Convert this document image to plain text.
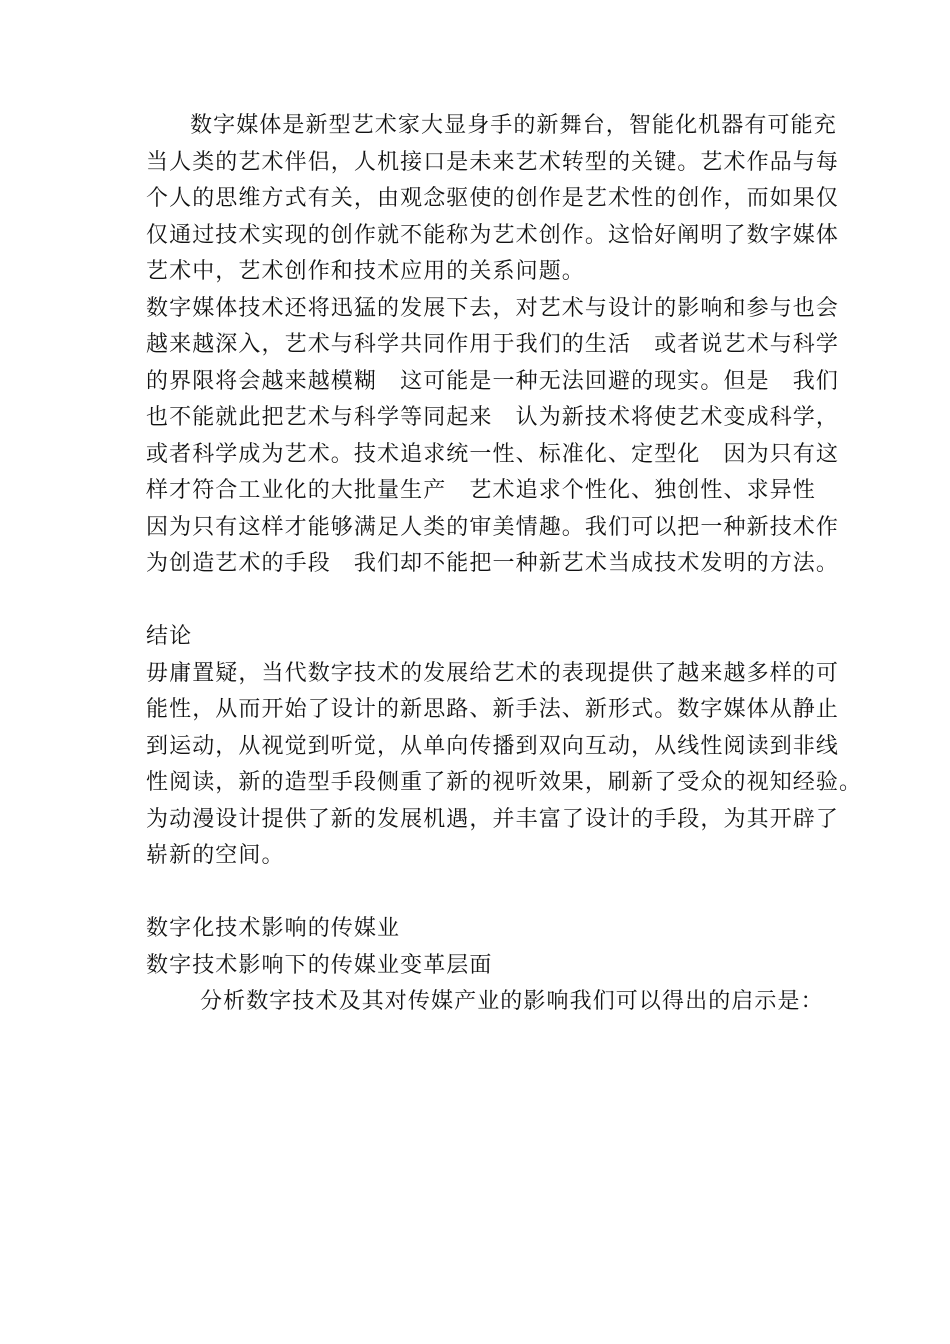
数字媒体是新型艺术家大显身手的新舞台，智能化机器有可能充
当人类的艺术伴侣，人机接口是未来艺术转型的关键。艺术作品与每
个人的思维方式有关，由观念驱使的创作是艺术性的创作，而如果仅
仅通过技术实现的创作就不能称为艺术创作。这恰好阐明了数字媒体
艺术中，艺术创作和技术应用的关系问题。
数字媒体技术还将迅猛的发展下去，对艺术与设计的影响和参与也会
越来越深入，艺术与科学共同作用于我们的生活　或者说艺术与科学
的界限将会越来越模糊　这可能是一种无法回避的现实。但是　我们
也不能就此把艺术与科学等同起来　认为新技术将使艺术变成科学，
或者科学成为艺术。技术追求统一性、标准化、定型化　因为只有这
样才符合工业化的大批量生产　艺术追求个性化、独创性、求异性
因为只有这样才能够满足人类的审美情趣。我们可以把一种新技术作
为创造艺术的手段　我们却不能把一种新艺术当成技术发明的方法。
结论
毋庸置疑，当代数字技术的发展给艺术的表现提供了越来越多样的可
能性，从而开始了设计的新思路、新手法、新形式。数字媒体从静止
到运动，从视觉到听觉，从单向传播到双向互动，从线性阅读到非线
性阅读，新的造型手段侧重了新的视听效果，刷新了受众的视知经验。
为动漫设计提供了新的发展机遇，并丰富了设计的手段，为其开辟了
崭新的空间。
数字化技术影响的传媒业
数字技术影响下的传媒业变革层面
分析数字技术及其对传媒产业的影响我们可以得出的启示是：
